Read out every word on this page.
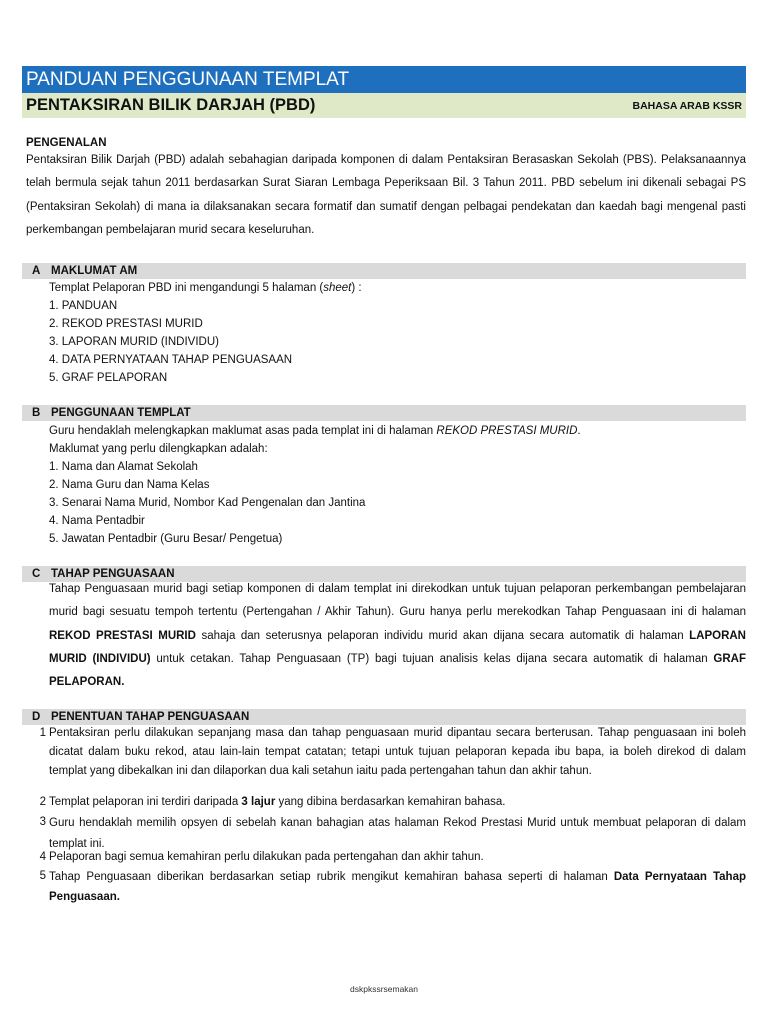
PANDUAN PENGGUNAAN TEMPLAT
PENTAKSIRAN BILIK DARJAH (PBD)	BAHASA ARAB KSSR
PENGENALAN
Pentaksiran Bilik Darjah (PBD) adalah sebahagian daripada komponen di dalam Pentaksiran Berasaskan Sekolah (PBS). Pelaksanaannya telah bermula sejak tahun 2011 berdasarkan Surat Siaran Lembaga Peperiksaan Bil. 3 Tahun 2011. PBD sebelum ini dikenali sebagai PS (Pentaksiran Sekolah) di mana ia dilaksanakan secara formatif dan sumatif dengan pelbagai pendekatan dan kaedah bagi mengenal pasti perkembangan pembelajaran murid secara keseluruhan.
A MAKLUMAT AM
Templat Pelaporan PBD ini mengandungi 5 halaman (sheet) :
1. PANDUAN
2. REKOD PRESTASI MURID
3. LAPORAN MURID (INDIVIDU)
4. DATA PERNYATAAN TAHAP PENGUASAAN
5. GRAF PELAPORAN
B PENGGUNAAN TEMPLAT
Guru hendaklah melengkapkan maklumat asas pada templat ini di halaman REKOD PRESTASI MURID.
Maklumat yang perlu dilengkapkan adalah:
1. Nama dan Alamat Sekolah
2. Nama Guru dan Nama Kelas
3. Senarai Nama Murid, Nombor Kad Pengenalan dan Jantina
4. Nama Pentadbir
5. Jawatan Pentadbir (Guru Besar/ Pengetua)
C TAHAP PENGUASAAN
Tahap Penguasaan murid bagi setiap komponen di dalam templat ini direkodkan untuk tujuan pelaporan perkembangan pembelajaran murid bagi sesuatu tempoh tertentu (Pertengahan / Akhir Tahun). Guru hanya perlu merekodkan Tahap Penguasaan ini di halaman REKOD PRESTASI MURID sahaja dan seterusnya pelaporan individu murid akan dijana secara automatik di halaman LAPORAN MURID (INDIVIDU) untuk cetakan. Tahap Penguasaan (TP) bagi tujuan analisis kelas dijana secara automatik di halaman GRAF PELAPORAN.
D PENENTUAN TAHAP PENGUASAAN
1 Pentaksiran perlu dilakukan sepanjang masa dan tahap penguasaan murid dipantau secara berterusan. Tahap penguasaan ini boleh dicatat dalam buku rekod, atau lain-lain tempat catatan; tetapi untuk tujuan pelaporan kepada ibu bapa, ia boleh direkod di dalam templat yang dibekalkan ini dan dilaporkan dua kali setahun iaitu pada pertengahan tahun dan akhir tahun.
2 Templat pelaporan ini terdiri daripada 3 lajur yang dibina berdasarkan kemahiran bahasa.
3 Guru hendaklah memilih opsyen di sebelah kanan bahagian atas halaman Rekod Prestasi Murid untuk membuat pelaporan di dalam templat ini.
4 Pelaporan bagi semua kemahiran perlu dilakukan pada pertengahan dan akhir tahun.
5 Tahap Penguasaan diberikan berdasarkan setiap rubrik mengikut kemahiran bahasa seperti di halaman Data Pernyataan Tahap Penguasaan.
dskpkssrsemakan
